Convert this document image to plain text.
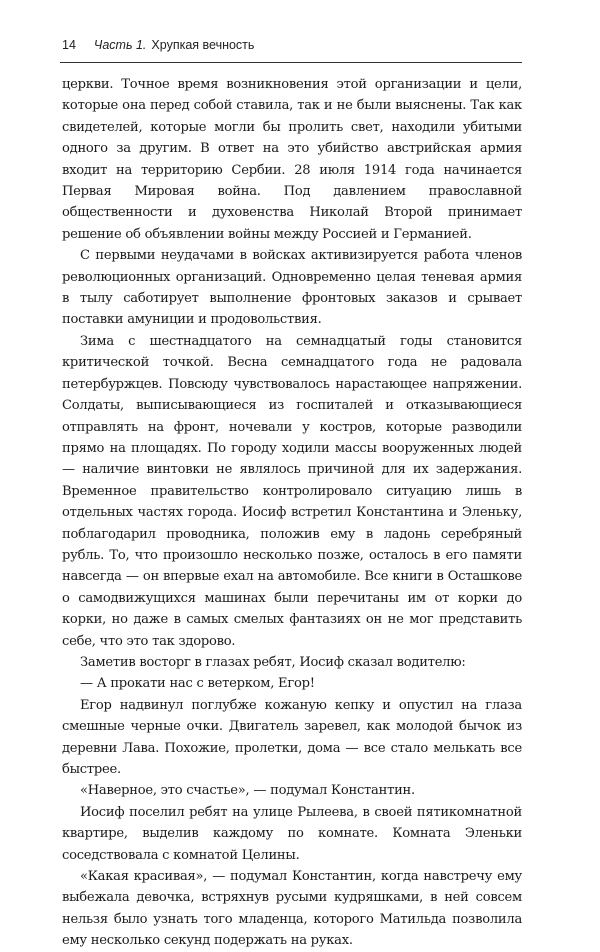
14 Часть 1. Хрупкая вечность

церкви. Точное время возникновения этой организации и цели, которые она перед собой ставила, так и не были выяснены. Так как свидетелей, которые могли бы пролить свет, находили убитыми одного за другим. В ответ на это убийство австрийская армия входит на территорию Сербии. 28 июля 1914 года начинается Первая Мировая война. Под давлением православной общественности и духовенства Николай Второй принимает решение об объявлении войны между Россией и Германией.

С первыми неудачами в войсках активизируется работа членов революционных организаций. Одновременно целая теневая армия в тылу саботирует выполнение фронтовых заказов и срывает поставки амуниции и продовольствия.

Зима с шестнадцатого на семнадцатый годы становится критической точкой. Весна семнадцатого года не радовала петербуржцев. Повсюду чувствовалось нарастающее напряжении. Солдаты, выписывающиеся из госпиталей и отказывающиеся отправлять на фронт, ночевали у костров, которые разводили прямо на площадях. По городу ходили массы вооруженных людей — наличие винтовки не являлось причиной для их задержания. Временное правительство контролировало ситуацию лишь в отдельных частях города. Иосиф встретил Константина и Эленьку, поблагодарил проводника, положив ему в ладонь серебряный рубль. То, что произошло несколько позже, осталось в его памяти навсегда — он впервые ехал на автомобиле. Все книги в Осташкове о самодвижущихся машинах были перечитаны им от корки до корки, но даже в самых смелых фантазиях он не мог представить себе, что это так здорово.

Заметив восторг в глазах ребят, Иосиф сказал водителю:

— А прокати нас с ветерком, Егор!

Егор надвинул поглубже кожаную кепку и опустил на глаза смешные черные очки. Двигатель заревел, как молодой бычок из деревни Лава. Похожие, пролетки, дома — все стало мелькать все быстрее.

«Наверное, это счастье», — подумал Константин.

Иосиф поселил ребят на улице Рылеева, в своей пятикомнатной квартире, выделив каждому по комнате. Комната Эленьки соседствовала с комнатой Целины.

«Какая красивая», — подумал Константин, когда навстречу ему выбежала девочка, встряхнув русыми кудряшками, в ней совсем нельзя было узнать того младенца, которого Матильда позволила ему несколько секунд подержать на руках.
